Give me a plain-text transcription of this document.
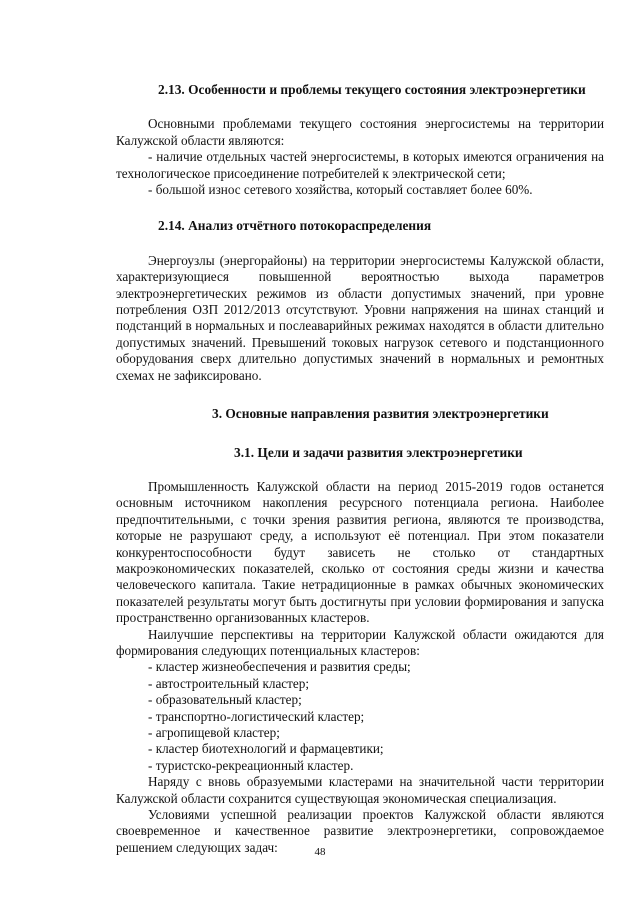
2.13. Особенности и проблемы текущего состояния электроэнергетики

Основными проблемами текущего состояния энергосистемы на территории Калужской области являются:

- наличие отдельных частей энергосистемы, в которых имеются ограничения на технологическое присоединение потребителей к электрической сети;

- большой износ сетевого хозяйства, который составляет более 60%.

2.14. Анализ отчётного потокораспределения

Энергоузлы (энергорайоны) на территории энергосистемы Калужской области, характеризующиеся повышенной вероятностью выхода параметров электроэнергетических режимов из области допустимых значений, при уровне потребления ОЗП 2012/2013 отсутствуют. Уровни напряжения на шинах станций и подстанций в нормальных и послеаварийных режимах находятся в области длительно допустимых значений. Превышений токовых нагрузок сетевого и подстанционного оборудования сверх длительно допустимых значений в нормальных и ремонтных схемах не зафиксировано.

3. Основные направления развития электроэнергетики
3.1. Цели и задачи развития электроэнергетики

Промышленность Калужской области на период 2015-2019 годов останется основным источником накопления ресурсного потенциала региона. Наиболее предпочтительными, с точки зрения развития региона, являются те производства, которые не разрушают среду, а используют её потенциал. При этом показатели конкурентоспособности будут зависеть не столько от стандартных макроэкономических показателей, сколько от состояния среды жизни и качества человеческого капитала. Такие нетрадиционные в рамках обычных экономических показателей результаты могут быть достигнуты при условии формирования и запуска пространственно организованных кластеров.

Наилучшие перспективы на территории Калужской области ожидаются для формирования следующих потенциальных кластеров:

- кластер жизнеобеспечения и развития среды;
- автостроительный кластер;
- образовательный кластер;
- транспортно-логистический кластер;
- агропищевой кластер;
- кластер биотехнологий и фармацевтики;
- туристско-рекреационный кластер.

Наряду с вновь образуемыми кластерами на значительной части территории Калужской области сохранится существующая экономическая специализация.

Условиями успешной реализации проектов Калужской области являются своевременное и качественное развитие электроэнергетики, сопровождаемое решением следующих задач:	48
